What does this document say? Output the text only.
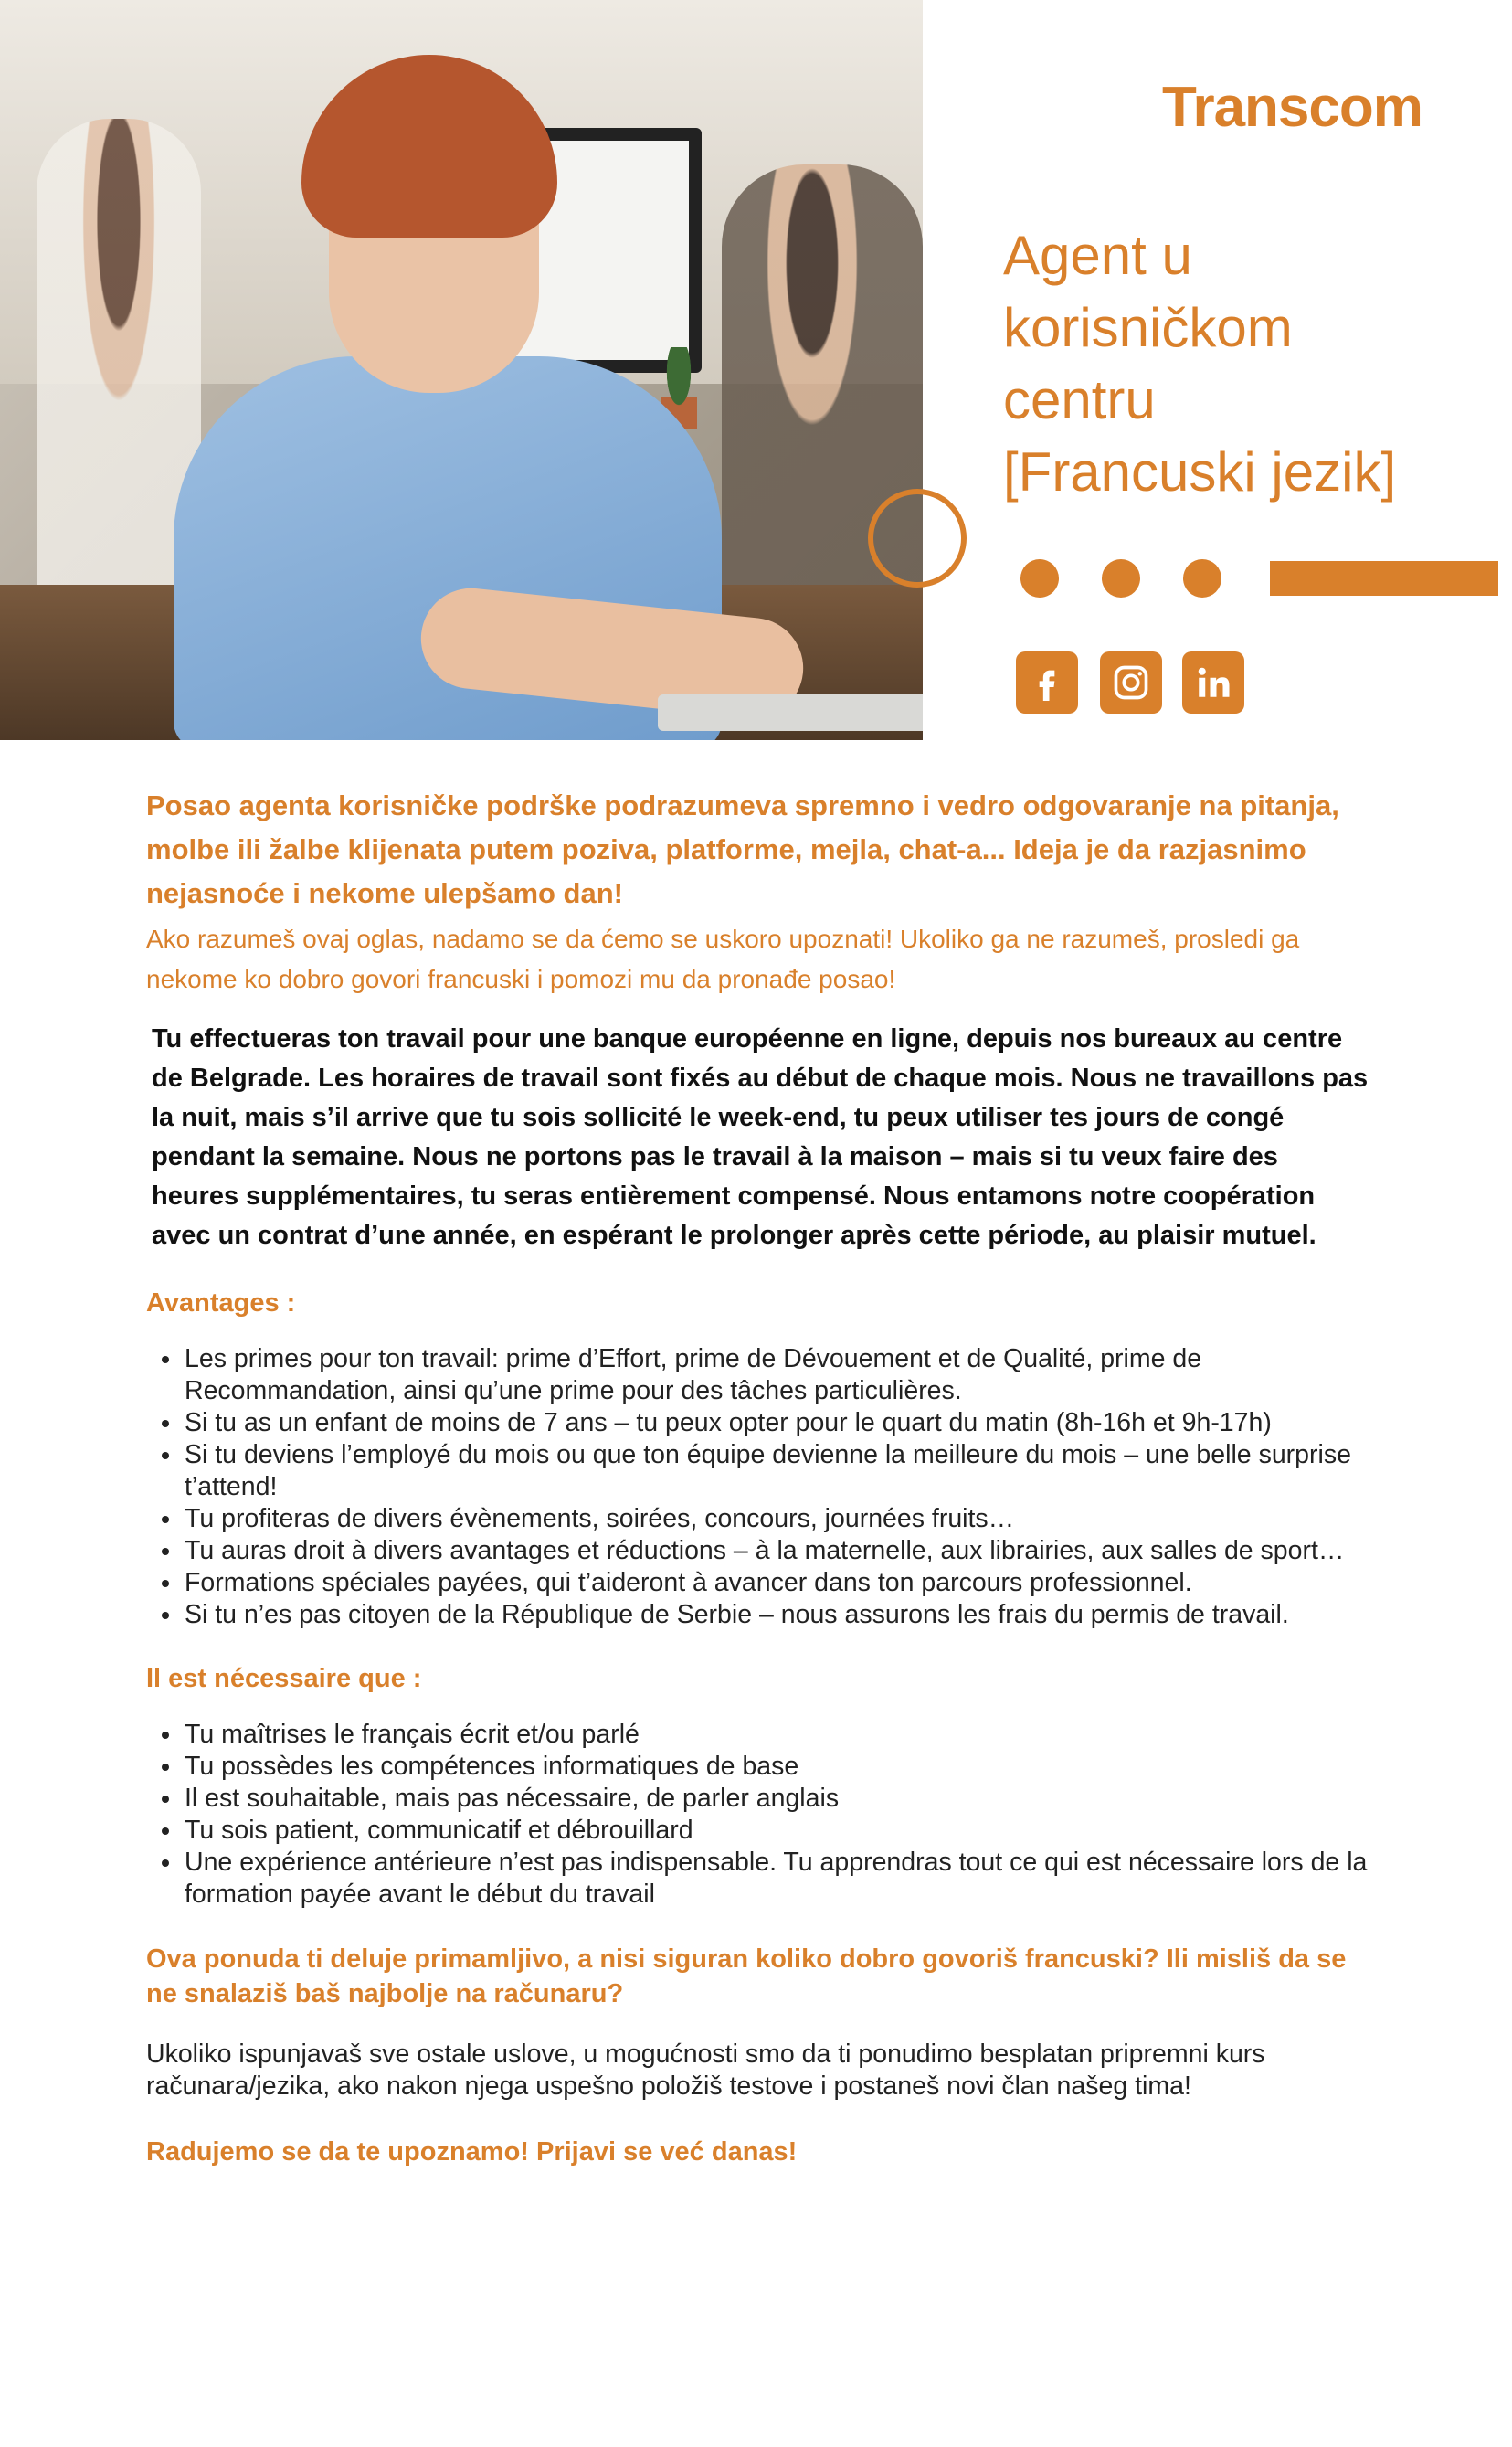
Transcom
Agent u
korisničkom
centru
[Francuski jezik]

Posao agenta korisničke podrške podrazumeva spremno i vedro odgovaranje na pitanja, molbe ili žalbe klijenata putem poziva, platforme, mejla, chat-a... Ideja je da razjasnimo nejasnoće i nekome ulepšamo dan!

Ako razumeš ovaj oglas, nadamo se da ćemo se uskoro upoznati! Ukoliko ga ne razumeš, prosledi ga nekome ko dobro govori francuski i pomozi mu da pronađe posao!

Tu effectueras ton travail pour une banque européenne en ligne, depuis nos bureaux au centre de Belgrade. Les horaires de travail sont fixés au début de chaque mois. Nous ne travaillons pas la nuit, mais s’il arrive que tu sois sollicité le week-end, tu peux utiliser tes jours de congé pendant la semaine. Nous ne portons pas le travail à la maison – mais si tu veux faire des heures supplémentaires, tu seras entièrement compensé. Nous entamons notre coopération avec un contrat d’une année, en espérant le prolonger après cette période, au plaisir mutuel.

Avantages :
• Les primes pour ton travail: prime d’Effort, prime de Dévouement et de Qualité, prime de Recommandation, ainsi qu’une prime pour des tâches particulières.
• Si tu as un enfant de moins de 7 ans – tu peux opter pour le quart du matin (8h-16h et 9h-17h)
• Si tu deviens l’employé du mois ou que ton équipe devienne la meilleure du mois – une belle surprise t’attend!
• Tu profiteras de divers évènements, soirées, concours, journées fruits…
• Tu auras droit à divers avantages et réductions – à la maternelle, aux librairies, aux salles de sport…
• Formations spéciales payées, qui t’aideront à avancer dans ton parcours professionnel.
• Si tu n’es pas citoyen de la République de Serbie – nous assurons les frais du permis de travail.
Il est nécessaire que :
• Tu maîtrises le français écrit et/ou parlé
• Tu possèdes les compétences informatiques de base
• Il est souhaitable, mais pas nécessaire, de parler anglais
• Tu sois patient, communicatif et débrouillard
• Une expérience antérieure n’est pas indispensable. Tu apprendras tout ce qui est nécessaire lors de la formation payée avant le début du travail

Ova ponuda ti deluje primamljivo, a nisi siguran koliko dobro govoriš francuski? Ili misliš da se ne snalaziš baš najbolje na računaru?

Ukoliko ispunjavaš sve ostale uslove, u mogućnosti smo da ti ponudimo besplatan pripremni kurs računara/jezika, ako nakon njega uspešno položiš testove i postaneš novi član našeg tima!

Radujemo se da te upoznamo! Prijavi se već danas!
